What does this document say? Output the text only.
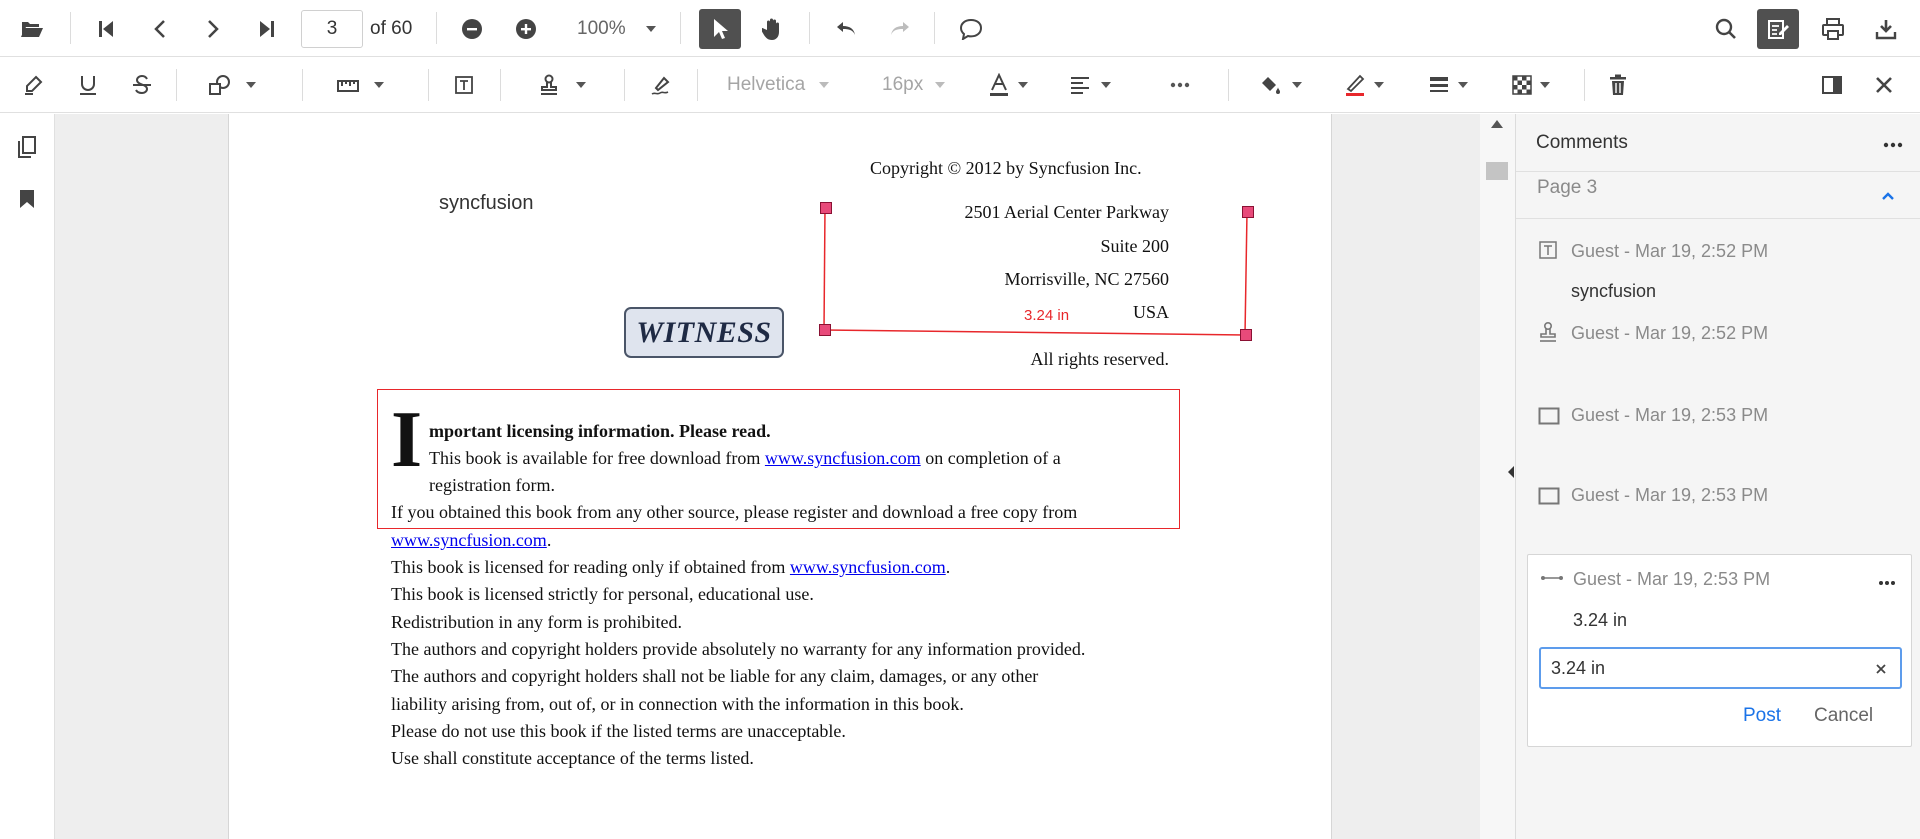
3	of 60	100%
Helvetica	16px
Copyright © 2012 by Syncfusion Inc.
syncfusion	2501 Aerial Center Parkway
Suite 200
Morrisville, NC 27560
USA
All rights reserved.
WITNESS	3.24 in
I mportant licensing information. Please read.
This book is available for free download from www.syncfusion.com on completion of a
registration form.
If you obtained this book from any other source, please register and download a free copy from
www.syncfusion.com.
This book is licensed for reading only if obtained from www.syncfusion.com.
This book is licensed strictly for personal, educational use.
Redistribution in any form is prohibited.
The authors and copyright holders provide absolutely no warranty for any information provided.
The authors and copyright holders shall not be liable for any claim, damages, or any other
liability arising from, out of, or in connection with the information in this book.
Please do not use this book if the listed terms are unacceptable.
Use shall constitute acceptance of the terms listed.
Comments
Page 3
Guest - Mar 19, 2:52 PM
syncfusion
Guest - Mar 19, 2:52 PM
Guest - Mar 19, 2:53 PM
Guest - Mar 19, 2:53 PM
Guest - Mar 19, 2:53 PM
3.24 in
3.24 in
Post Cancel
